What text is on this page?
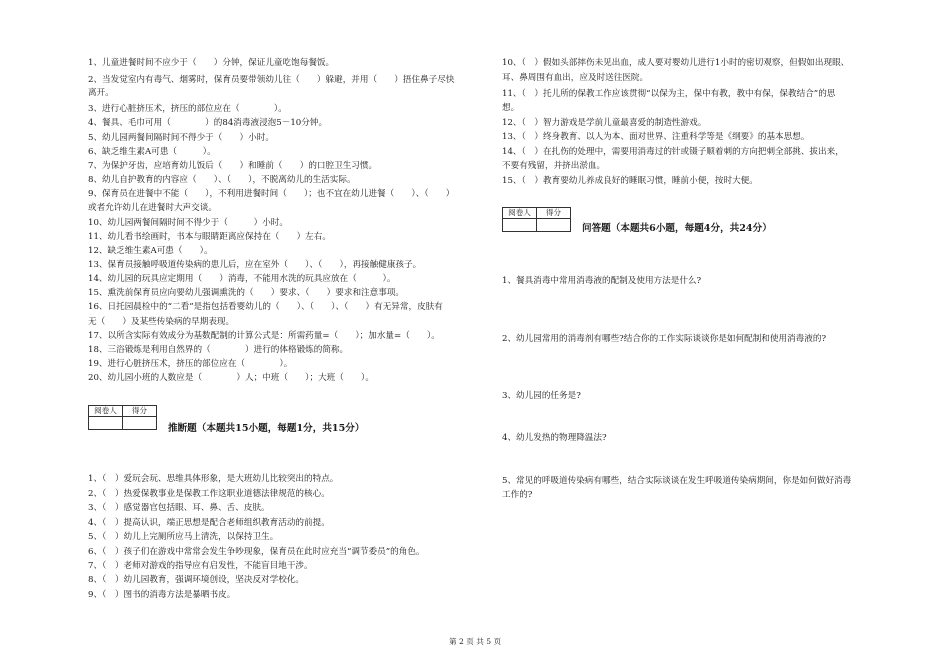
1、儿童进餐时间不应少于（　　）分钟，保证儿童吃饱每餐饭。
2、当发觉室内有毒气、烟雾时，保育员要带领幼儿往（　　）躲避，并用（　　）捂住鼻子尽快
离开。
3、进行心脏挤压术，挤压的部位应在（　　　　）。
4、餐具、毛巾可用（　　　　）的84消毒液浸泡5－10分钟。
5、幼儿园两餐间隔时间不得少于（　　）小时。
6、缺乏维生素A可患（　　　）。
7、为保护牙齿，应培育幼儿饭后（　　）和睡前（　　）的口腔卫生习惯。
8、幼儿自护教育的内容应（　　）、（　　），不脱离幼儿的生活实际。
9、保育员在进餐中不能（　　），不利用进餐时间（　　）；也不宜在幼儿进餐（　　）、（　　）
或者允许幼儿在进餐时大声交谈。
10、幼儿园两餐间隔时间不得少于（　　　）小时。
11、幼儿看书绘画时，书本与眼睛距离应保持在（　　）左右。
12、缺乏维生素A可患（　　）。
13、保育员接触呼吸道传染病的患儿后，应在室外（　　）、（　　），再接触健康孩子。
14、幼儿园的玩具应定期用（　　）消毒，不能用水洗的玩具应放在（　　　）。
15、熏洗前保育员应向要幼儿强调熏洗的（　　）要求、（　　）要求和注意事项。
16、日托园晨检中的“二看”是指包括看婴幼儿的（　　）、（　　）、（　　）有无异常，皮肤有
无（　　）及某些传染病的早期表现。
17、以所含实际有效成分为基数配制的计算公式是：所需药量=（　　）；加水量=（　　）。
18、三浴锻炼是利用自然界的（　　　　）进行的体格锻炼的简称。
19、进行心脏挤压术，挤压的部位应在（　　　　）。
20、幼儿园小班的人数应是（　　　　）人；中班（　　）；大班（　　）。
阅卷人	得分

推断题（本题共15小题，每题1分，共15分）
1、（　）爱玩会玩、思维具体形象，是大班幼儿比较突出的特点。
2、（　）热爱保教事业是保教工作这职业道德法律规范的核心。
3、（　）感觉器官包括眼、耳、鼻、舌、皮肤。
4、（　）提高认识，端正思想是配合老师组织教育活动的前提。
5、（　）幼儿上完厕所应马上清洗，以保持卫生。
6、（　）孩子们在游戏中常常会发生争吵现象，保育员在此时应充当“调节委员”的角色。
7、（　）老师对游戏的指导应有启发性，不能盲目地干涉。
8、（　）幼儿园教育，强调环境创设，坚决反对学校化。
9、（　）图书的消毒方法是暴晒书皮。
10、（　）假如头部摔伤未见出血，成人要对婴幼儿进行1小时的密切观察，但假如出现眼、
耳、鼻周围有血出，应及时送往医院。
11、（　）托儿所的保教工作应该贯彻“以保为主，保中有教，教中有保，保教结合”的思
想。
12、（　）智力游戏是学前儿童最喜爱的制造性游戏。
13、（　）终身教育、以人为本、面对世界、注重科学等是《纲要》的基本思想。
14、（　）在扎伤的处理中，需要用消毒过的针或镊子顺着刺的方向把刺全部挑、拔出来，
不要有残留，并挤出淤血。
15、（　）教育要幼儿养成良好的睡眠习惯，睡前小便，按时大便。
阅卷人	得分

问答题（本题共6小题，每题4分，共24分）
1、餐具消毒中常用消毒液的配制及使用方法是什么?
2、幼儿园常用的消毒剂有哪些?结合你的工作实际谈谈你是如何配制和使用消毒液的?
3、幼儿园的任务是?
4、幼儿发热的物理降温法?
5、常见的呼吸道传染病有哪些，结合实际谈谈在发生呼吸道传染病期间，你是如何做好消毒
工作的?
第 2 页 共 5 页
